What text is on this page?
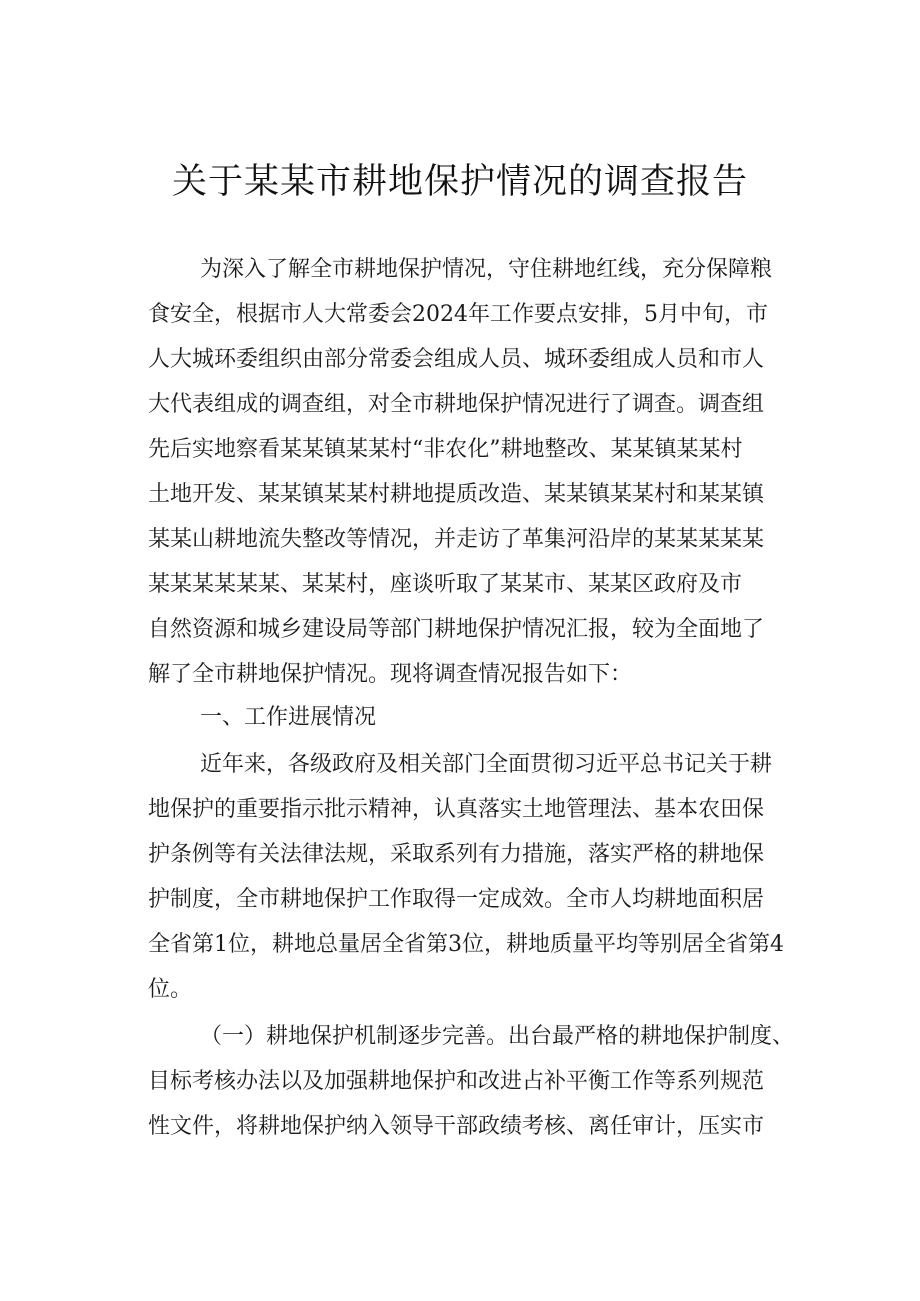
关于某某市耕地保护情况的调查报告
为深入了解全市耕地保护情况，守住耕地红线，充分保障粮
食安全，根据市人大常委会2024年工作要点安排，5月中旬，市
人大城环委组织由部分常委会组成人员、城环委组成人员和市人
大代表组成的调查组，对全市耕地保护情况进行了调查。调查组
先后实地察看某某镇某某村“非农化”耕地整改、某某镇某某村
土地开发、某某镇某某村耕地提质改造、某某镇某某村和某某镇
某某山耕地流失整改等情况，并走访了革集河沿岸的某某某某某
某某某某某某、某某村，座谈听取了某某市、某某区政府及市
自然资源和城乡建设局等部门耕地保护情况汇报，较为全面地了
解了全市耕地保护情况。现将调查情况报告如下：
一、工作进展情况
近年来，各级政府及相关部门全面贯彻习近平总书记关于耕
地保护的重要指示批示精神，认真落实土地管理法、基本农田保
护条例等有关法律法规，采取系列有力措施，落实严格的耕地保
护制度，全市耕地保护工作取得一定成效。全市人均耕地面积居
全省第1位，耕地总量居全省第3位，耕地质量平均等别居全省第4
位。
（一）耕地保护机制逐步完善。出台最严格的耕地保护制度、
目标考核办法以及加强耕地保护和改进占补平衡工作等系列规范
性文件，将耕地保护纳入领导干部政绩考核、离任审计，压实市
